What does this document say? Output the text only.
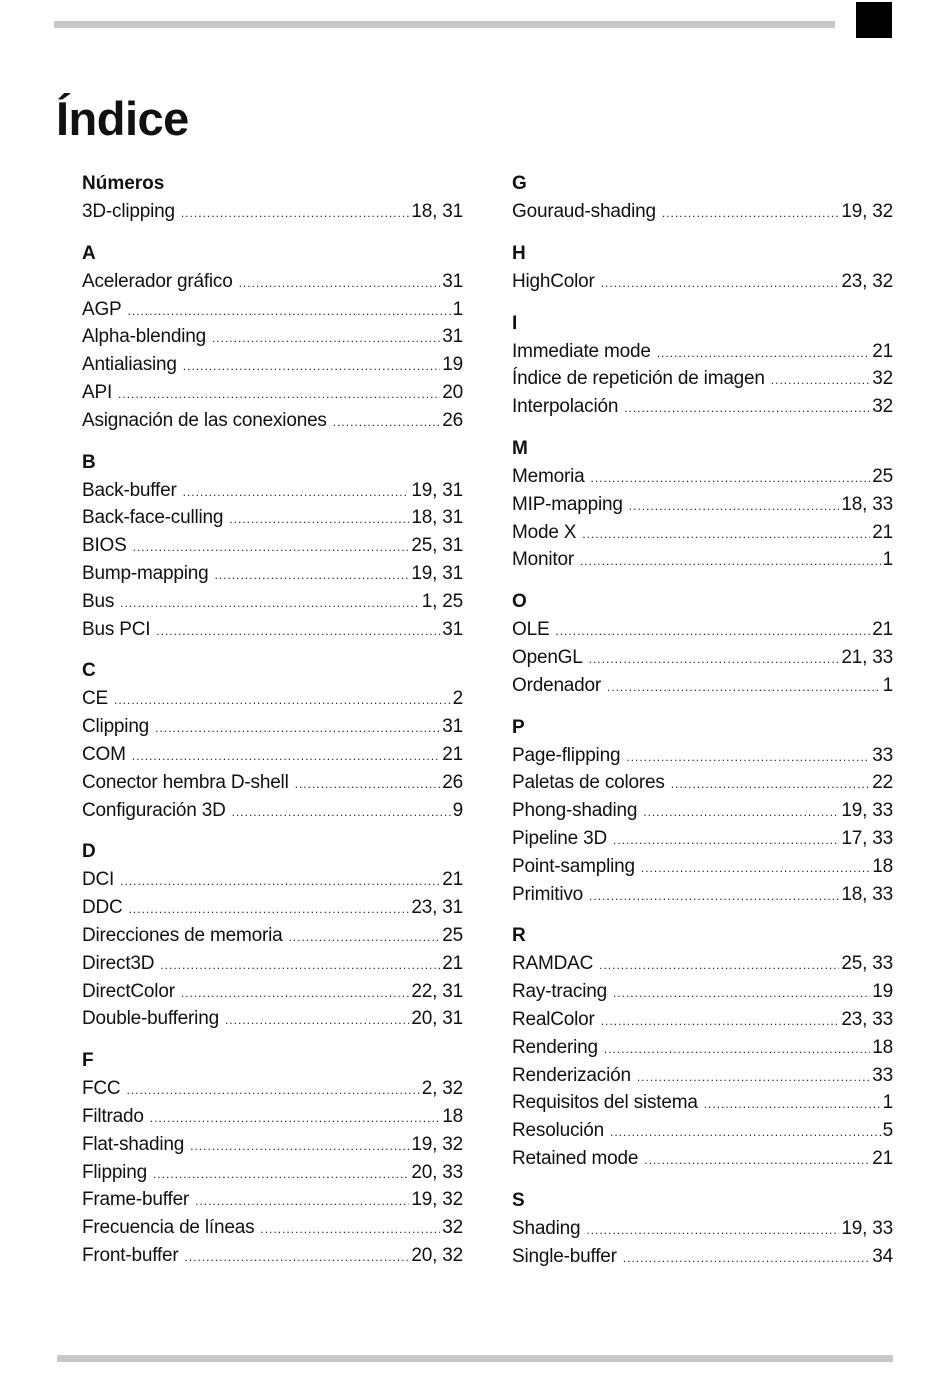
Índice
Números
3D-clipping .....	18, 31
A
Acelerador gráfico .....	31
AGP .....	1
Alpha-blending .....	31
Antialiasing .....	19
API .....	20
Asignación de las conexiones .....	26
B
Back-buffer .....	19, 31
Back-face-culling .....	18, 31
BIOS .....	25, 31
Bump-mapping .....	19, 31
Bus .....	1, 25
Bus PCI .....	31
C
CE .....	2
Clipping .....	31
COM .....	21
Conector hembra D-shell .....	26
Configuración 3D .....	9
D
DCI .....	21
DDC .....	23, 31
Direcciones de memoria .....	25
Direct3D .....	21
DirectColor .....	22, 31
Double-buffering .....	20, 31
F
FCC .....	2, 32
Filtrado .....	18
Flat-shading .....	19, 32
Flipping .....	20, 33
Frame-buffer .....	19, 32
Frecuencia de líneas .....	32
Front-buffer .....	20, 32
G
Gouraud-shading .....	19, 32
H
HighColor .....	23, 32
I
Immediate mode .....	21
Índice de repetición de imagen .....	32
Interpolación .....	32
M
Memoria .....	25
MIP-mapping .....	18, 33
Mode X .....	21
Monitor .....	1
O
OLE .....	21
OpenGL .....	21, 33
Ordenador .....	1
P
Page-flipping .....	33
Paletas de colores .....	22
Phong-shading .....	19, 33
Pipeline 3D .....	17, 33
Point-sampling .....	18
Primitivo .....	18, 33
R
RAMDAC .....	25, 33
Ray-tracing .....	19
RealColor .....	23, 33
Rendering .....	18
Renderización .....	33
Requisitos del sistema .....	1
Resolución .....	5
Retained mode .....	21
S
Shading .....	19, 33
Single-buffer .....	34
